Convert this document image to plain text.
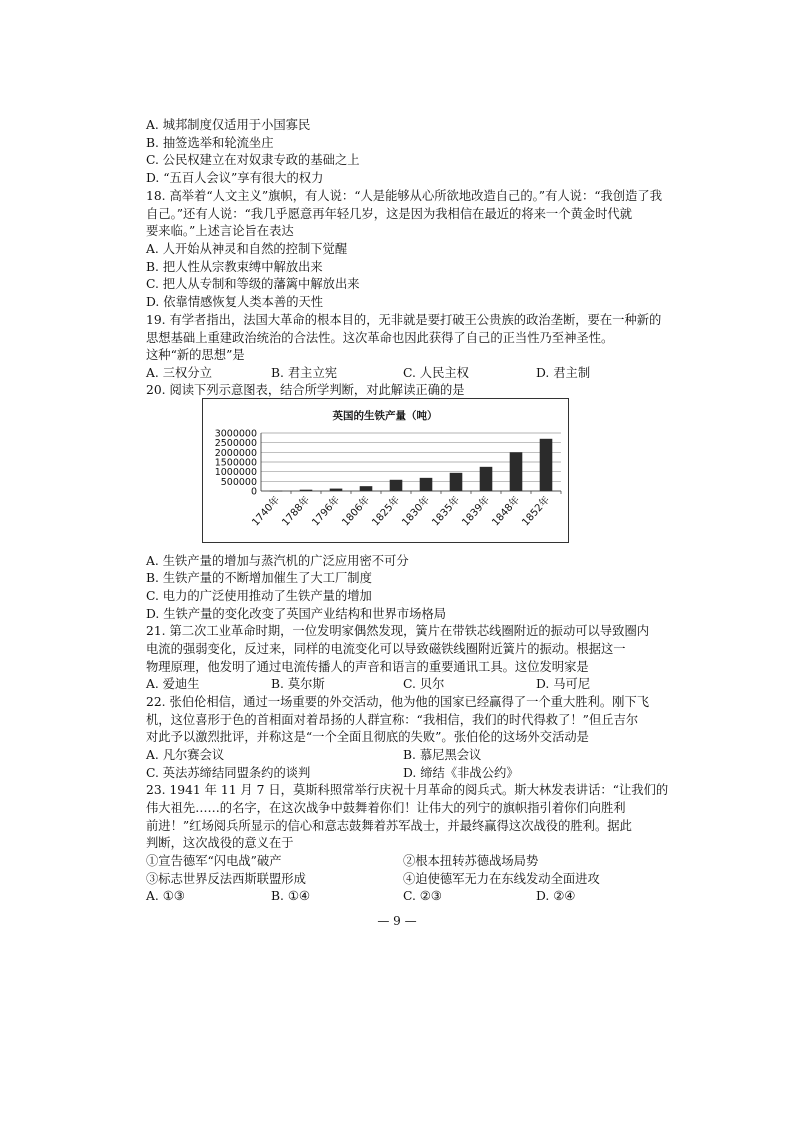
A. 城邦制度仅适用于小国寡民
B. 抽签选举和轮流坐庄
C. 公民权建立在对奴隶专政的基础之上
D. “五百人会议”享有很大的权力
18. 高举着“人文主义”旗帜，有人说：“人是能够从心所欲地改造自己的。”有人说：“我创造了我
自己。”还有人说：“我几乎愿意再年轻几岁，这是因为我相信在最近的将来一个黄金时代就
要来临。”上述言论旨在表达
A. 人开始从神灵和自然的控制下觉醒
B. 把人性从宗教束缚中解放出来
C. 把人从专制和等级的藩篱中解放出来
D. 依靠情感恢复人类本善的天性
19. 有学者指出，法国大革命的根本目的，无非就是要打破王公贵族的政治垄断，要在一种新的
思想基础上重建政治统治的合法性。这次革命也因此获得了自己的正当性乃至神圣性。
这种“新的思想”是
A. 三权分立	B. 君主立宪	C. 人民主权	D. 君主制
20. 阅读下列示意图表，结合所学判断，对此解读正确的是
英国的生铁产量（吨）
0
500000
1000000
1500000
2000000
2500000
3000000
1740年
1788年
1796年
1806年
1825年
1830年
1835年
1839年
1848年
1852年
A. 生铁产量的增加与蒸汽机的广泛应用密不可分
B. 生铁产量的不断增加催生了大工厂制度
C. 电力的广泛使用推动了生铁产量的增加
D. 生铁产量的变化改变了英国产业结构和世界市场格局
21. 第二次工业革命时期，一位发明家偶然发现，簧片在带铁芯线圈附近的振动可以导致圈内
电流的强弱变化，反过来，同样的电流变化可以导致磁铁线圈附近簧片的振动。根据这一
物理原理，他发明了通过电流传播人的声音和语言的重要通讯工具。这位发明家是
A. 爱迪生	B. 莫尔斯	C. 贝尔	D. 马可尼
22. 张伯伦相信，通过一场重要的外交活动，他为他的国家已经赢得了一个重大胜利。刚下飞
机，这位喜形于色的首相面对着昂扬的人群宣称：“我相信，我们的时代得救了！”但丘吉尔
对此予以激烈批评，并称这是“一个全面且彻底的失败”。张伯伦的这场外交活动是
A. 凡尔赛会议	B. 慕尼黑会议
C. 英法苏缔结同盟条约的谈判	D. 缔结《非战公约》
23. 1941 年 11 月 7 日，莫斯科照常举行庆祝十月革命的阅兵式。斯大林发表讲话：“让我们的
伟大祖先……的名字，在这次战争中鼓舞着你们！让伟大的列宁的旗帜指引着你们向胜利
前进！”红场阅兵所显示的信心和意志鼓舞着苏军战士，并最终赢得这次战役的胜利。据此
判断，这次战役的意义在于
①宣告德军“闪电战”破产	②根本扭转苏德战场局势
③标志世界反法西斯联盟形成	④迫使德军无力在东线发动全面进攻
A. ①③	B. ①④	C. ②③	D. ②④
— 9 —
